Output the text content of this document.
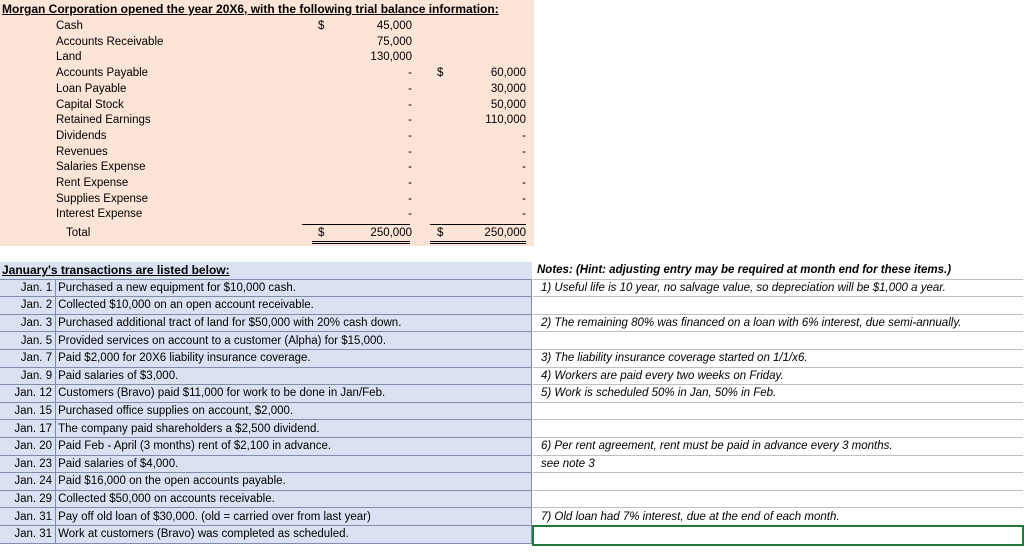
Morgan Corporation opened the year 20X6, with the following trial balance information:
Cash	$	45,000
Accounts Receivable	75,000
Land	130,000
Accounts Payable	- $	60,000
Loan Payable	-	30,000
Capital Stock	-	50,000
Retained Earnings	-	110,000
Dividends	-	-
Revenues	-	-
Salaries Expense	-	-
Rent Expense	-	-
Supplies Expense	-	-
Interest Expense	-	-
Total	$	250,000 $	250,000
January's transactions are listed below:	
Jan. 1	Purchased a new equipment for $10,000 cash.
Jan. 2	Collected $10,000 on an open account receivable.
Jan. 3	Purchased additional tract of land for $50,000 with 20% cash down.
Jan. 5	Provided services on account to a customer (Alpha) for $15,000.
Jan. 7	Paid $2,000 for 20X6 liability insurance coverage.
Jan. 9	Paid salaries of $3,000.
Jan. 12	Customers (Bravo) paid $11,000 for work to be done in Jan/Feb.
Jan. 15	Purchased office supplies on account, $2,000.
Jan. 17	The company paid shareholders a $2,500 dividend.
Jan. 20	Paid Feb - April (3 months) rent of $2,100 in advance.
Jan. 23	Paid salaries of $4,000.
Jan. 24	Paid $16,000 on the open accounts payable.
Jan. 29	Collected $50,000 on accounts receivable.
Jan. 31	Pay off old loan of $30,000. (old = carried over from last year)
Jan. 31	Work at customers (Bravo) was completed as scheduled.
Notes: (Hint: adjusting entry may be required at month end for these items.)
1) Useful life is 10 year, no salvage value, so depreciation will be $1,000 a year.

2) The remaining 80% was financed on a loan with 6% interest, due semi-annually.

3) The liability insurance coverage started on 1/1/x6.
4) Workers are paid every two weeks on Friday.
5) Work is scheduled 50% in Jan, 50% in Feb.

6) Per rent agreement, rent must be paid in advance every 3 months.
see note 3

7) Old loan had 7% interest, due at the end of each month.
